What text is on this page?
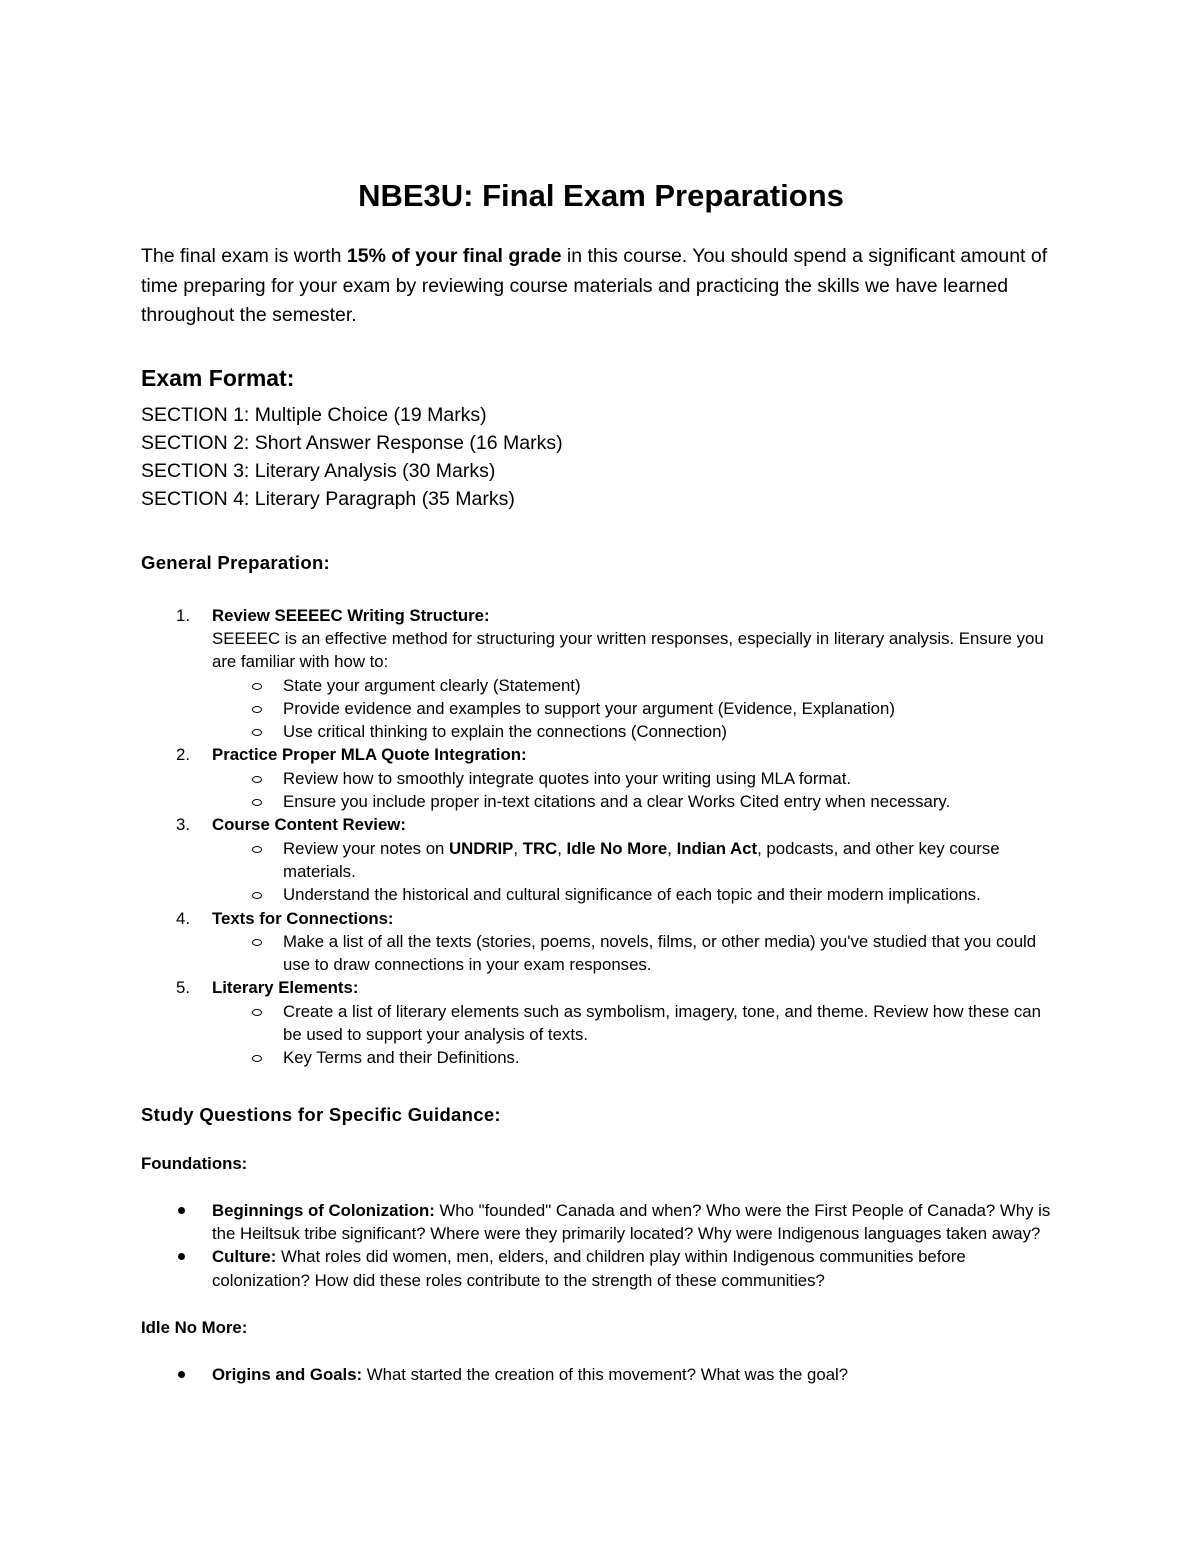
NBE3U: Final Exam Preparations

The final exam is worth 15% of your final grade in this course. You should spend a significant amount of time preparing for your exam by reviewing course materials and practicing the skills we have learned throughout the semester.

Exam Format:
SECTION 1: Multiple Choice (19 Marks)
SECTION 2: Short Answer Response (16 Marks)
SECTION 3: Literary Analysis (30 Marks)
SECTION 4: Literary Paragraph (35 Marks)
General Preparation:
Review SEEEEC Writing Structure:
SEEEEC is an effective method for structuring your written responses, especially in literary analysis. Ensure you are familiar with how to:
State your argument clearly (Statement)
Provide evidence and examples to support your argument (Evidence, Explanation)
Use critical thinking to explain the connections (Connection)
Practice Proper MLA Quote Integration:
Review how to smoothly integrate quotes into your writing using MLA format.
Ensure you include proper in-text citations and a clear Works Cited entry when necessary.
Course Content Review:
Review your notes on UNDRIP, TRC, Idle No More, Indian Act, podcasts, and other key course materials.
Understand the historical and cultural significance of each topic and their modern implications.
Texts for Connections:
Make a list of all the texts (stories, poems, novels, films, or other media) you've studied that you could use to draw connections in your exam responses.
Literary Elements:
Create a list of literary elements such as symbolism, imagery, tone, and theme. Review how these can be used to support your analysis of texts.
Key Terms and their Definitions.
Study Questions for Specific Guidance:

Foundations:

Beginnings of Colonization: Who "founded" Canada and when? Who were the First People of Canada? Why is the Heiltsuk tribe significant? Where were they primarily located? Why were Indigenous languages taken away?
Culture: What roles did women, men, elders, and children play within Indigenous communities before colonization? How did these roles contribute to the strength of these communities?

Idle No More:

Origins and Goals: What started the creation of this movement? What was the goal?
